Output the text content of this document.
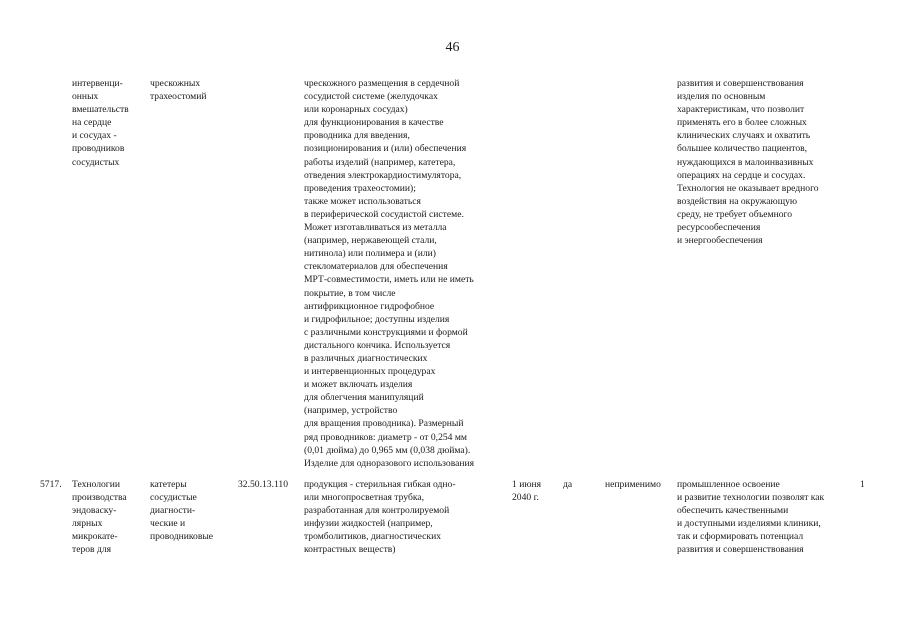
46

интервенци-
онных
вмешательств
на сердце
и сосудах -
проводников
сосудистых

чрескожных
трахеостомий

чрескожного размещения в сердечной
сосудистой системе (желудочках
или коронарных сосудах)
для функционирования в качестве
проводника для введения,
позиционирования и (или) обеспечения
работы изделий (например, катетера,
отведения электрокардиостимулятора,
проведения трахеостомии);
также может использоваться
в периферической сосудистой системе.
Может изготавливаться из металла
(например, нержавеющей стали,
нитинола) или полимера и (или)
стекломатериалов для обеспечения
МРТ-совместимости, иметь или не иметь
покрытие, в том числе
антифрикционное гидрофобное
и гидрофильное; доступны изделия
с различными конструкциями и формой
дистального кончика. Используется
в различных диагностических
и интервенционных процедурах
и может включать изделия
для облегчения манипуляций
(например, устройство
для вращения проводника). Размерный
ряд проводников: диаметр - от 0,254 мм
(0,01 дюйма) до 0,965 мм (0,038 дюйма).
Изделие для одноразового использования

развития и совершенствования
изделия по основным
характеристикам, что позволит
применять его в более сложных
клинических случаях и охватить
большее количество пациентов,
нуждающихся в малоинвазивных
операциях на сердце и сосудах.
Технология не оказывает вредного
воздействия на окружающую
среду, не требует объемного
ресурсообеспечения
и энергообеспечения

5717. Технологии
производства
эндоваску-
лярных
микрокате-
теров для

катетеры
сосудистые
диагности-
ческие и
проводниковые

32.50.13.110 продукция - стерильная гибкая одно-
или многопросветная трубка,
разработанная для контролируемой
инфузии жидкостей (например,
тромболитиков, диагностических
контрастных веществ)

1 июня
2040 г.

да	неприменимо промышленное освоение
и развитие технологии позволят как
обеспечить качественными
и доступными изделиями клиники,
так и сформировать потенциал
развития и совершенствования

1
